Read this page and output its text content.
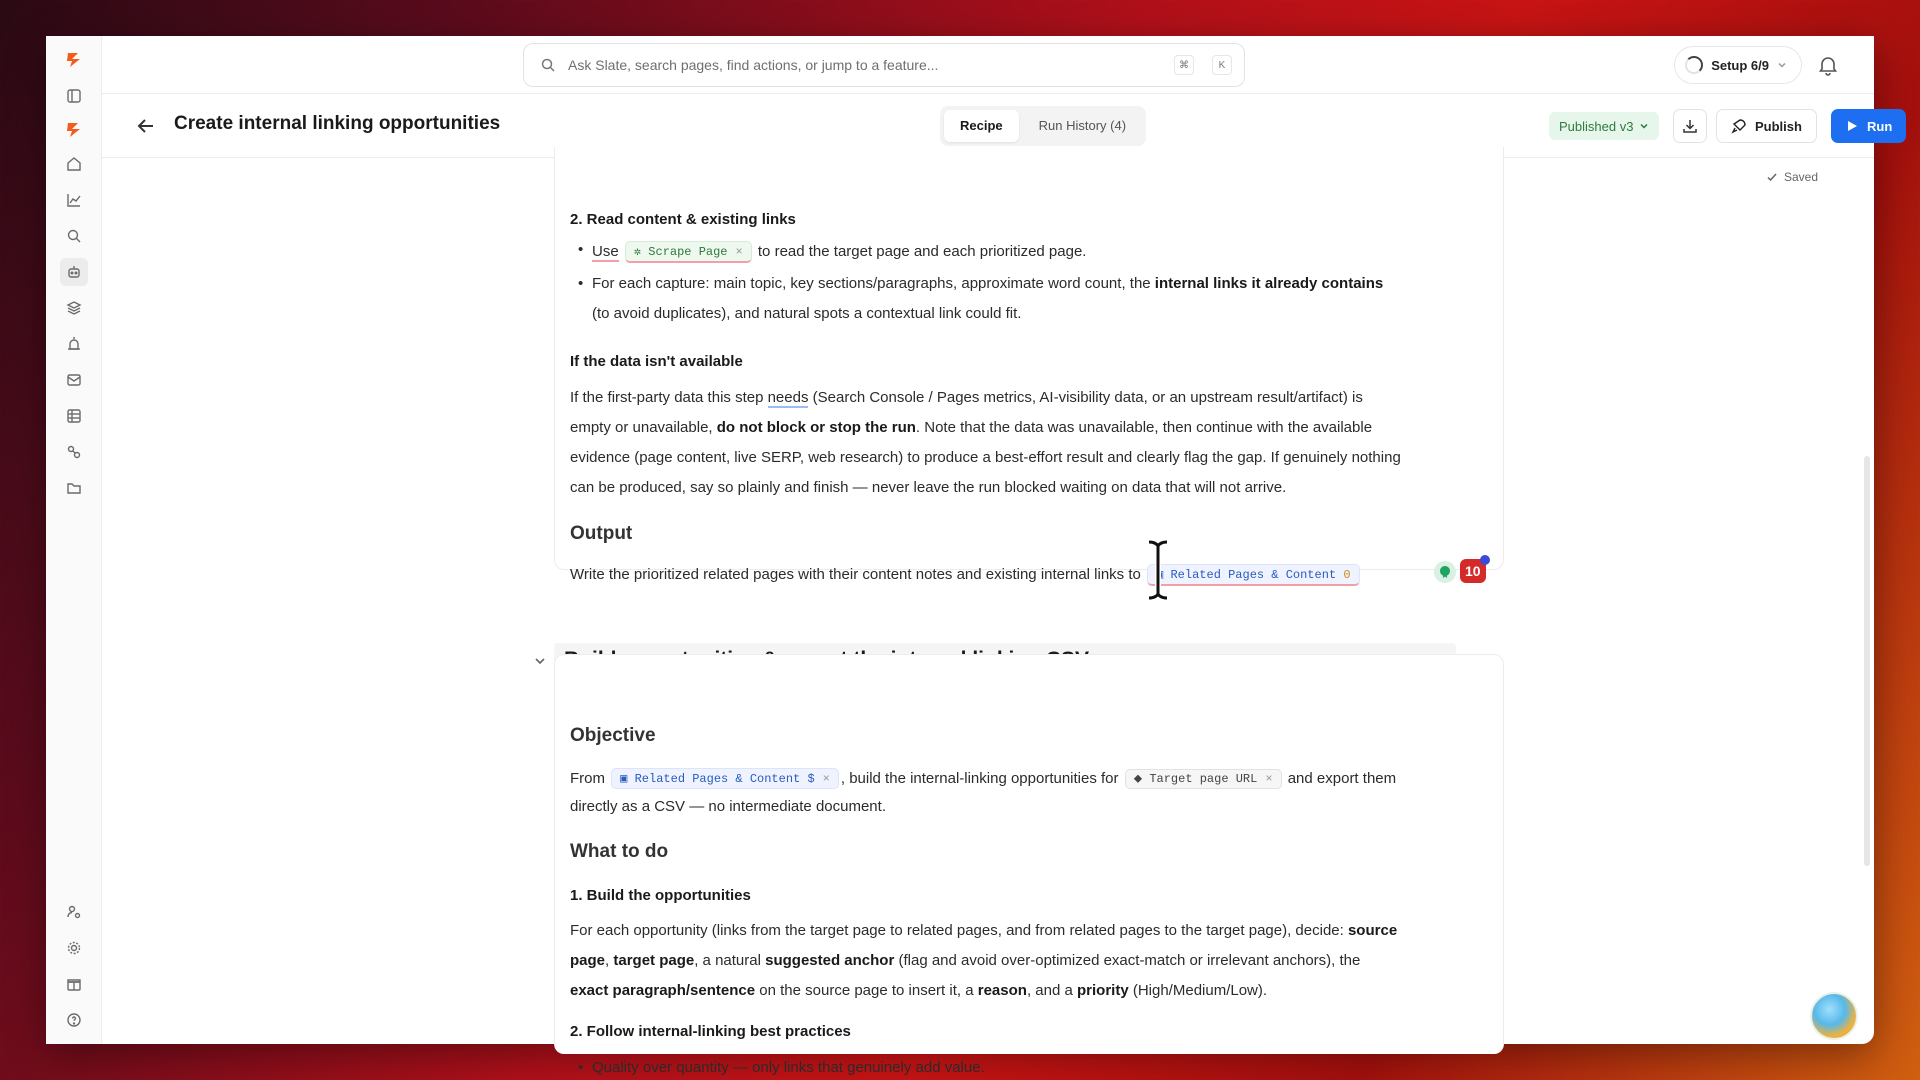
Ask Slate, search pages, find actions, or jump to a feature...	⌘	K	Setup 6/9
Create internal linking opportunities	Recipe	Run History (4)	Published v3	Publish	Run
Saved
2. Read content & existing links
• Use ✲ Scrape Page × to read the target page and each prioritized page.
• For each capture: main topic, key sections/paragraphs, approximate word count, the internal links it already contains
(to avoid duplicates), and natural spots a contextual link could fit.
If the data isn't available
If the first-party data this step needs (Search Console / Pages metrics, AI-visibility data, or an upstream result/artifact) is
empty or unavailable, do not block or stop the run. Note that the data was unavailable, then continue with the available
evidence (page content, live SERP, web research) to produce a best-effort result and clearly flag the gap. If genuinely nothing
can be produced, say so plainly and finish — never leave the run blocked waiting on data that will not arrive.
Output
Write the prioritized related pages with their content notes and existing internal links to ▣ Related Pages & Content 0	10
Objective
From ▣ Related Pages & Content $ × , build the internal-linking opportunities for ⬥ Target page URL × and export them
directly as a CSV — no intermediate document.
What to do
1. Build the opportunities
For each opportunity (links from the target page to related pages, and from related pages to the target page), decide: source
page, target page, a natural suggested anchor (flag and avoid over-optimized exact-match or irrelevant anchors), the
exact paragraph/sentence on the source page to insert it, a reason, and a priority (High/Medium/Low).
2. Follow internal-linking best practices
• Quality over quantity — only links that genuinely add value.
